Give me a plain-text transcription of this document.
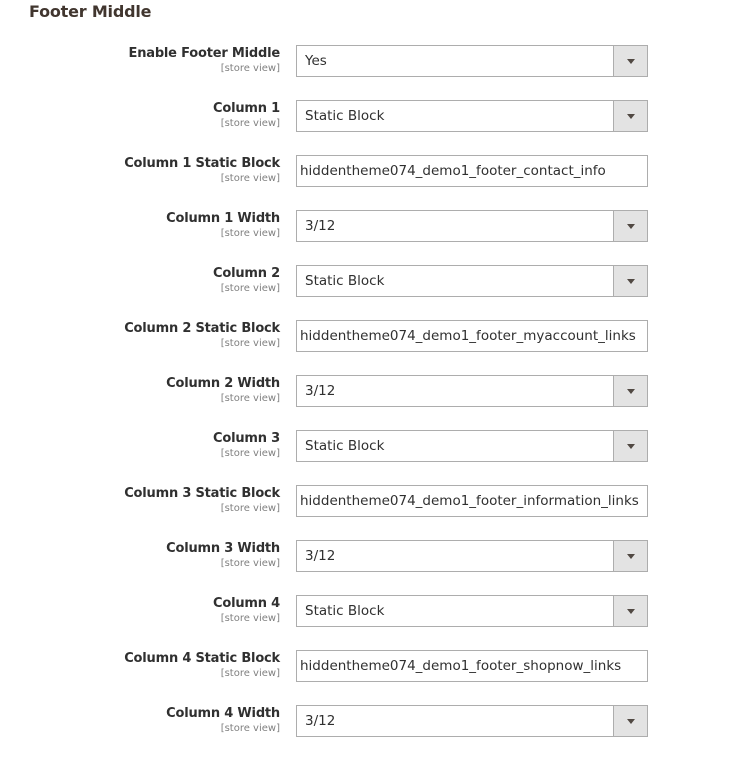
Footer Middle
Enable Footer Middle
[store view] Yes
Column 1
[store view] Static Block
Column 1 Static Block
[store view] hiddentheme074_demo1_footer_contact_info
Column 1 Width
[store view] 3/12
Column 2
[store view] Static Block
Column 2 Static Block
[store view] hiddentheme074_demo1_footer_myaccount_links
Column 2 Width
[store view] 3/12
Column 3
[store view] Static Block
Column 3 Static Block
[store view] hiddentheme074_demo1_footer_information_links
Column 3 Width
[store view] 3/12
Column 4
[store view] Static Block
Column 4 Static Block
[store view] hiddentheme074_demo1_footer_shopnow_links
Column 4 Width
[store view] 3/12
